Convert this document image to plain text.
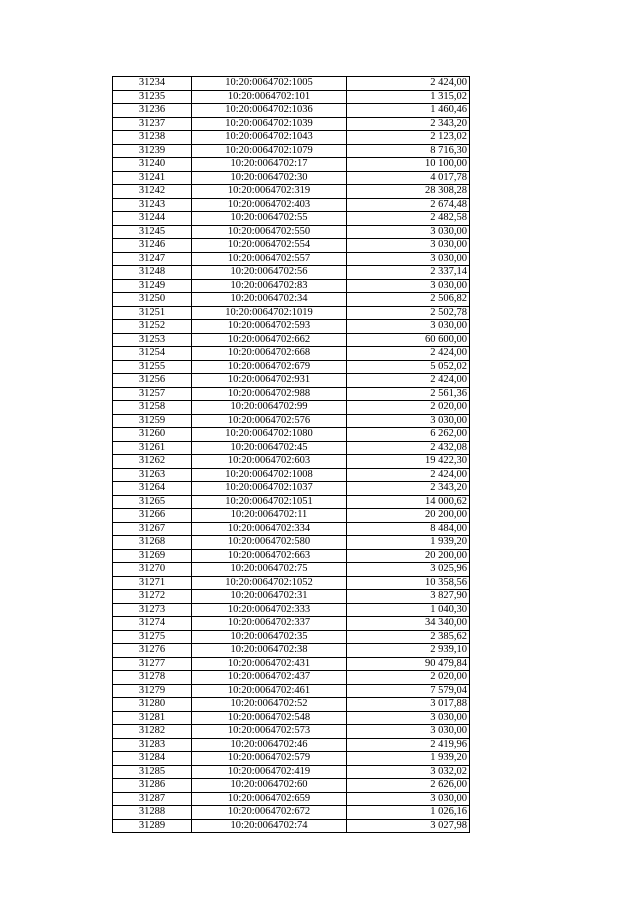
31234	10:20:0064702:1005	2 424,00
31235	10:20:0064702:101	1 315,02
31236	10:20:0064702:1036	1 460,46
31237	10:20:0064702:1039	2 343,20
31238	10:20:0064702:1043	2 123,02
31239	10:20:0064702:1079	8 716,30
31240	10:20:0064702:17	10 100,00
31241	10:20:0064702:30	4 017,78
31242	10:20:0064702:319	28 308,28
31243	10:20:0064702:403	2 674,48
31244	10:20:0064702:55	2 482,58
31245	10:20:0064702:550	3 030,00
31246	10:20:0064702:554	3 030,00
31247	10:20:0064702:557	3 030,00
31248	10:20:0064702:56	2 337,14
31249	10:20:0064702:83	3 030,00
31250	10:20:0064702:34	2 506,82
31251	10:20:0064702:1019	2 502,78
31252	10:20:0064702:593	3 030,00
31253	10:20:0064702:662	60 600,00
31254	10:20:0064702:668	2 424,00
31255	10:20:0064702:679	5 052,02
31256	10:20:0064702:931	2 424,00
31257	10:20:0064702:988	2 561,36
31258	10:20:0064702:99	2 020,00
31259	10:20:0064702:576	3 030,00
31260	10:20:0064702:1080	6 262,00
31261	10:20:0064702:45	2 432,08
31262	10:20:0064702:603	19 422,30
31263	10:20:0064702:1008	2 424,00
31264	10:20:0064702:1037	2 343,20
31265	10:20:0064702:1051	14 000,62
31266	10:20:0064702:11	20 200,00
31267	10:20:0064702:334	8 484,00
31268	10:20:0064702:580	1 939,20
31269	10:20:0064702:663	20 200,00
31270	10:20:0064702:75	3 025,96
31271	10:20:0064702:1052	10 358,56
31272	10:20:0064702:31	3 827,90
31273	10:20:0064702:333	1 040,30
31274	10:20:0064702:337	34 340,00
31275	10:20:0064702:35	2 385,62
31276	10:20:0064702:38	2 939,10
31277	10:20:0064702:431	90 479,84
31278	10:20:0064702:437	2 020,00
31279	10:20:0064702:461	7 579,04
31280	10:20:0064702:52	3 017,88
31281	10:20:0064702:548	3 030,00
31282	10:20:0064702:573	3 030,00
31283	10:20:0064702:46	2 419,96
31284	10:20:0064702:579	1 939,20
31285	10:20:0064702:419	3 032,02
31286	10:20:0064702:60	2 626,00
31287	10:20:0064702:659	3 030,00
31288	10:20:0064702:672	1 026,16
31289	10:20:0064702:74	3 027,98
